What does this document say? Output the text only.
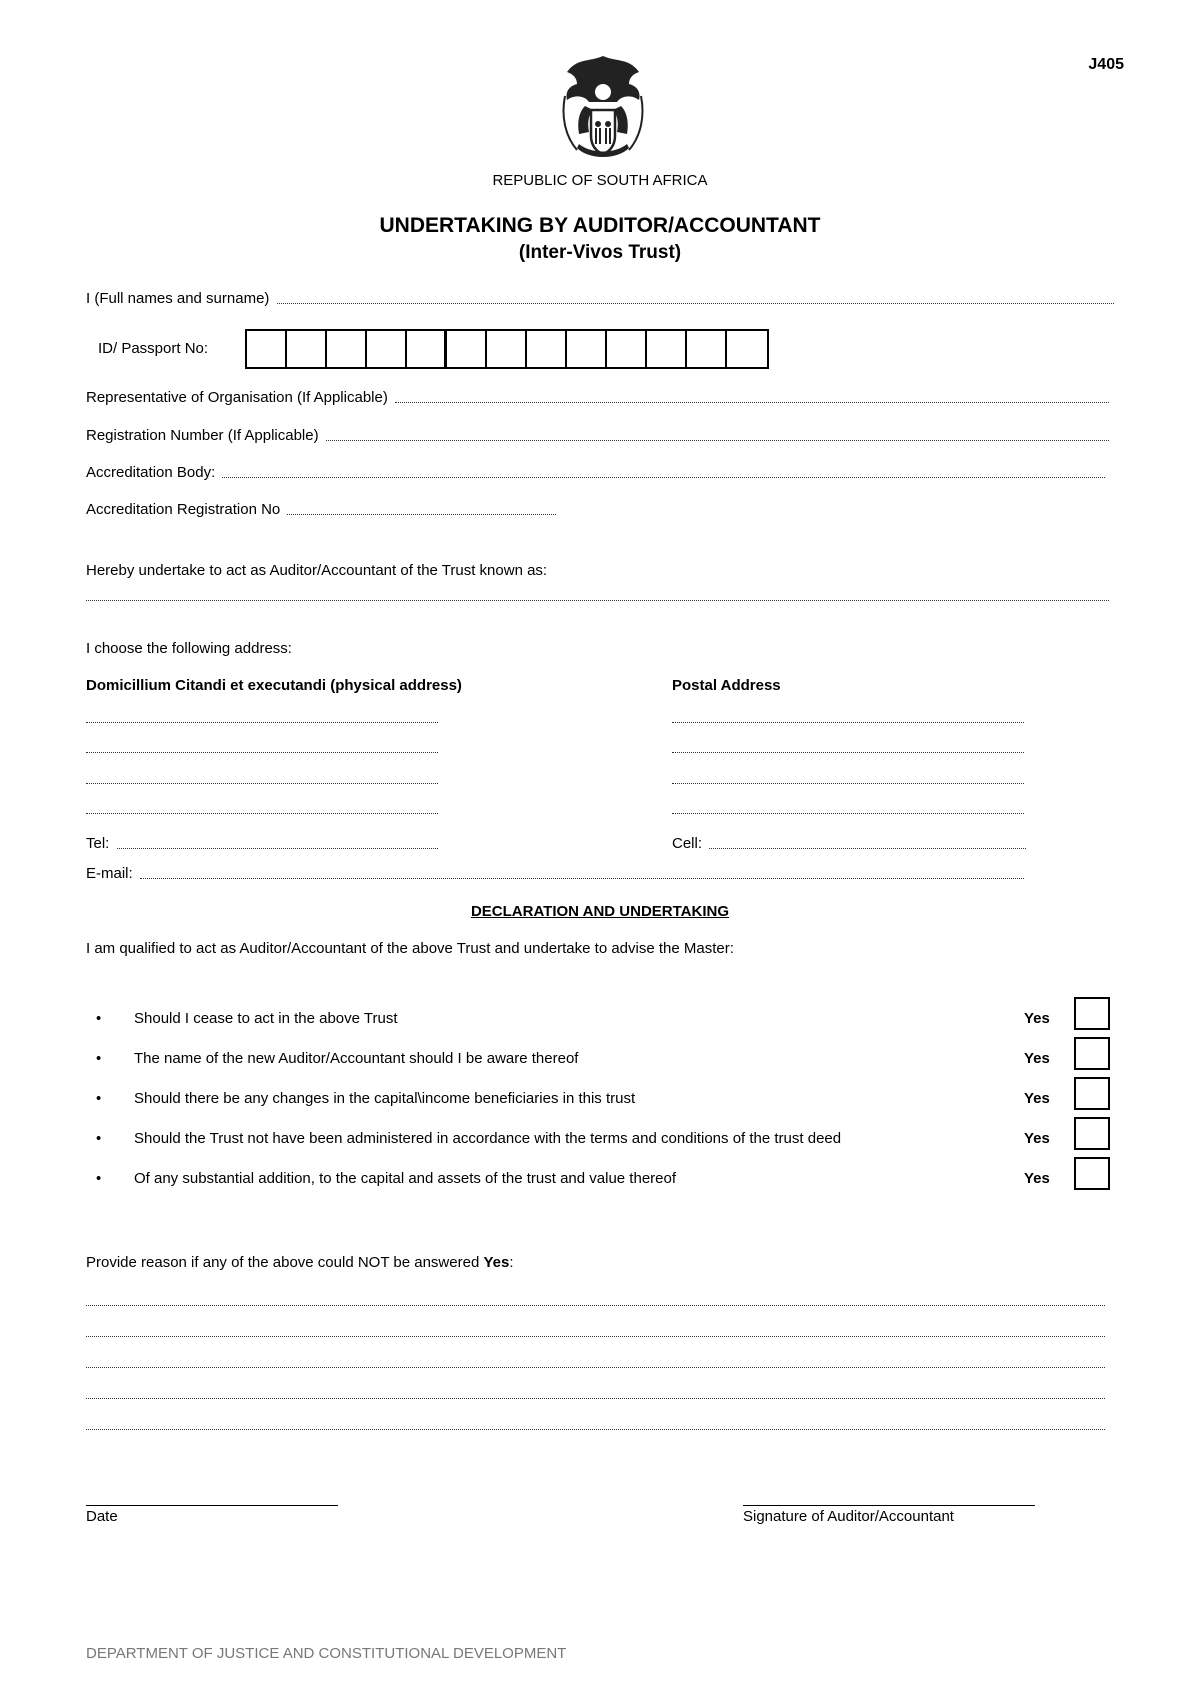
J405
REPUBLIC OF SOUTH AFRICA
UNDERTAKING BY AUDITOR/ACCOUNTANT
(Inter-Vivos Trust)
I (Full names and surname)
ID/ Passport No:
Representative of Organisation (If Applicable)
Registration Number (If Applicable)
Accreditation Body:
Accreditation Registration No
Hereby undertake to act as Auditor/Accountant of the Trust known as:
I choose the following address:
Domicillium Citandi et executandi (physical address)	Postal Address
Tel:	Cell:
E-mail:
DECLARATION AND UNDERTAKING
I am qualified to act as Auditor/Accountant of the above Trust and undertake to advise the Master:
• Should I cease to act in the above Trust	Yes
• The name of the new Auditor/Accountant should I be aware thereof	Yes
• Should there be any changes in the capital\income beneficiaries in this trust	Yes
• Should the Trust not have been administered in accordance with the terms and conditions of the trust deed	Yes
• Of any substantial addition, to the capital and assets of the trust and value thereof	Yes
Provide reason if any of the above could NOT be answered Yes:
Date	Signature of Auditor/Accountant
DEPARTMENT OF JUSTICE AND CONSTITUTIONAL DEVELOPMENT
